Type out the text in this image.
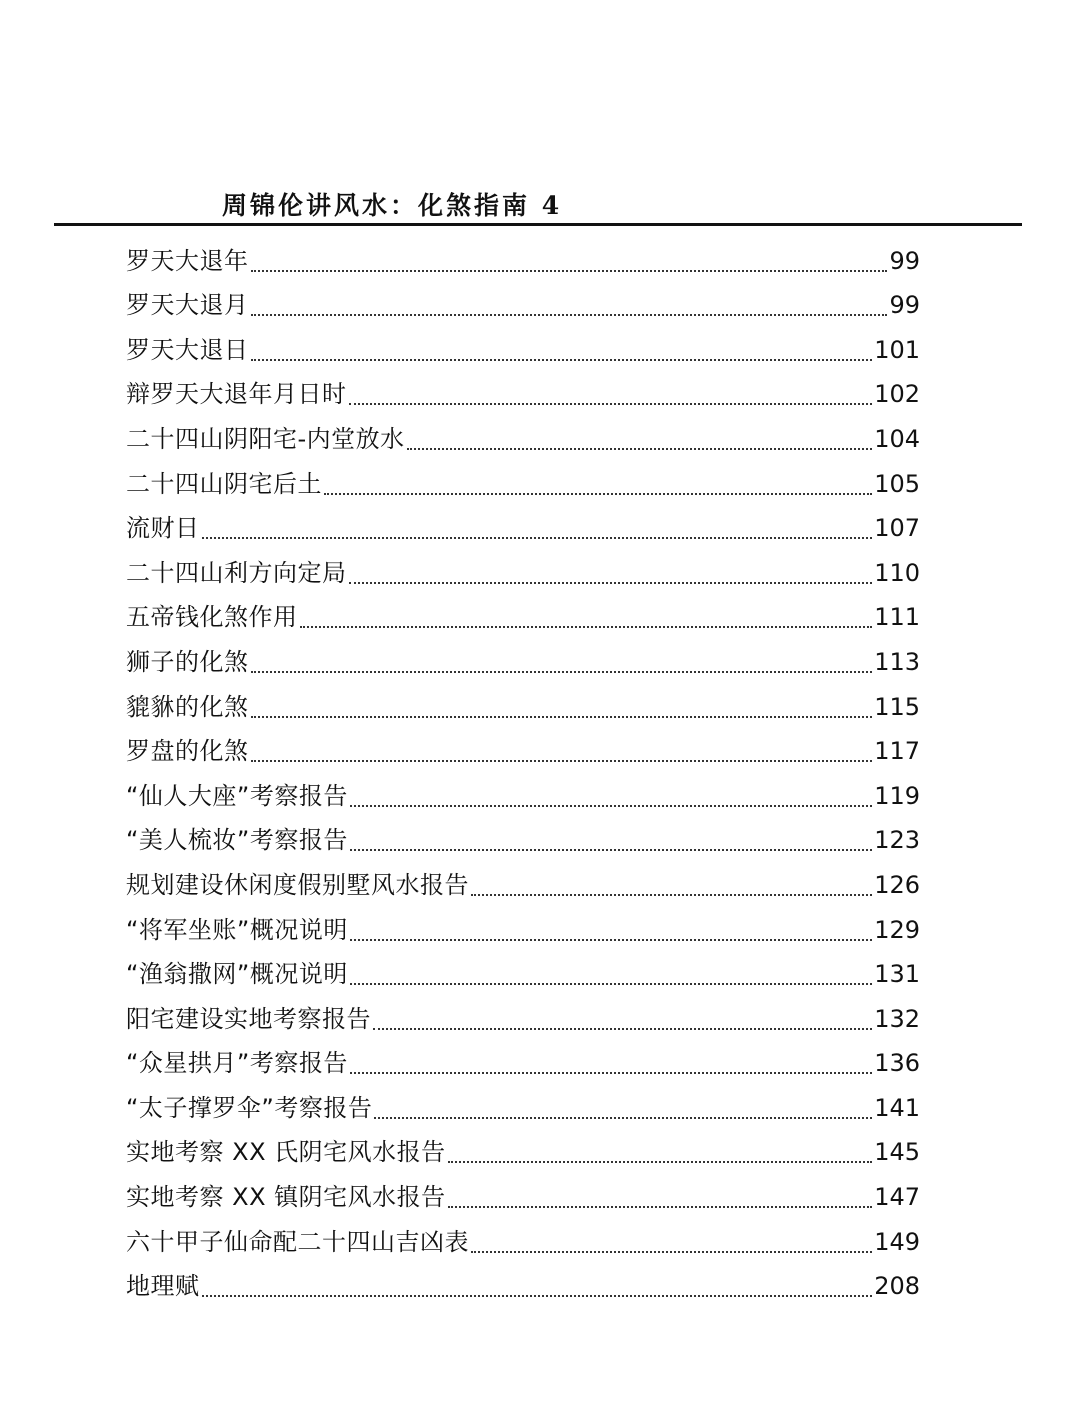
周锦伦讲风水：化煞指南 4
罗天大退年	99
罗天大退月	99
罗天大退日	101
辩罗天大退年月日时	102
二十四山阴阳宅-内堂放水	104
二十四山阴宅后土	105
流财日	107
二十四山利方向定局	110
五帝钱化煞作用	111
狮子的化煞	113
貔貅的化煞	115
罗盘的化煞	117
“仙人大座”考察报告	119
“美人梳妆”考察报告	123
规划建设休闲度假别墅风水报告	126
“将军坐账”概况说明	129
“渔翁撒网”概况说明	131
阳宅建设实地考察报告	132
“众星拱月”考察报告	136
“太子撑罗伞”考察报告	141
实地考察 XX 氏阴宅风水报告	145
实地考察 XX 镇阴宅风水报告	147
六十甲子仙命配二十四山吉凶表	149
地理赋	208
